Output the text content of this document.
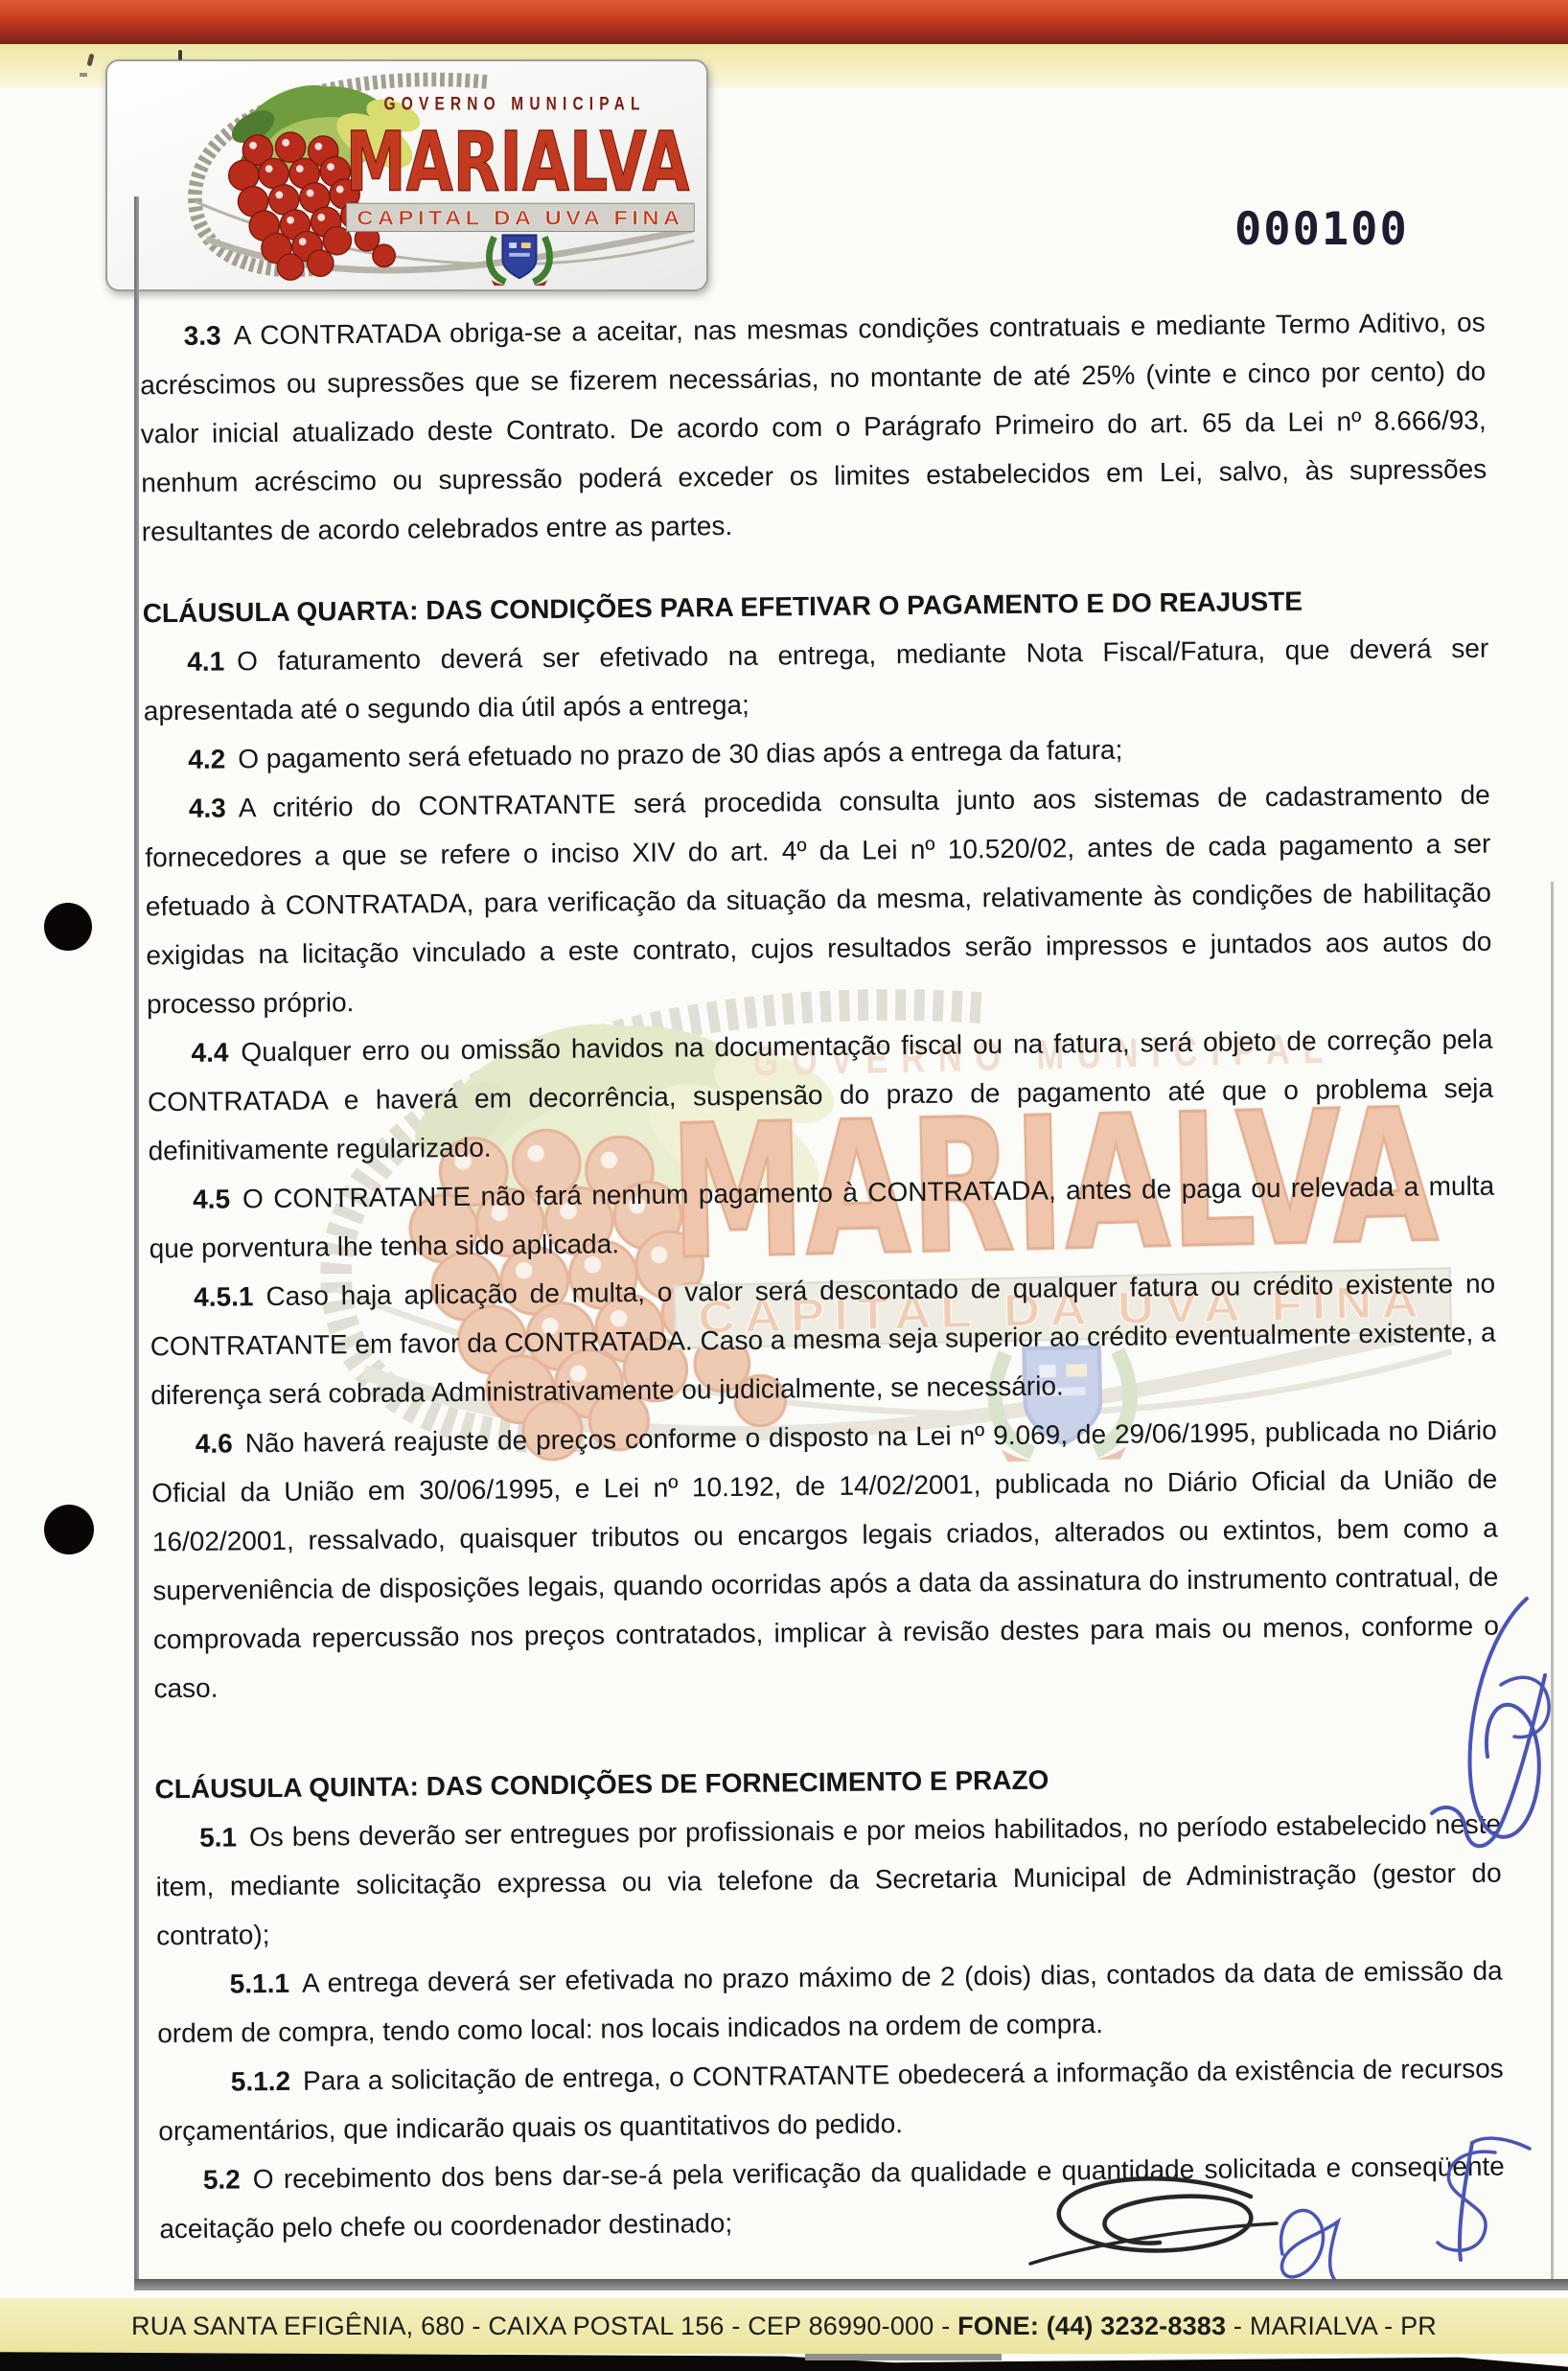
000100

3.3 A CONTRATADA obriga-se a aceitar, nas mesmas condições contratuais e mediante Termo Aditivo, os acréscimos ou supressões que se fizerem necessárias, no montante de até 25% (vinte e cinco por cento) do valor inicial atualizado deste Contrato. De acordo com o Parágrafo Primeiro do art. 65 da Lei nº 8.666/93, nenhum acréscimo ou supressão poderá exceder os limites estabelecidos em Lei, salvo, às supressões resultantes de acordo celebrados entre as partes.

CLÁUSULA QUARTA: DAS CONDIÇÕES PARA EFETIVAR O PAGAMENTO E DO REAJUSTE

4.1 O faturamento deverá ser efetivado na entrega, mediante Nota Fiscal/Fatura, que deverá ser apresentada até o segundo dia útil após a entrega;

4.2 O pagamento será efetuado no prazo de 30 dias após a entrega da fatura;

4.3 A critério do CONTRATANTE será procedida consulta junto aos sistemas de cadastramento de fornecedores a que se refere o inciso XIV do art. 4º da Lei nº 10.520/02, antes de cada pagamento a ser efetuado à CONTRATADA, para verificação da situação da mesma, relativamente às condições de habilitação exigidas na licitação vinculado a este contrato, cujos resultados serão impressos e juntados aos autos do processo próprio.

4.4 Qualquer erro ou omissão havidos na documentação fiscal ou na fatura, será objeto de correção pela CONTRATADA e haverá em decorrência, suspensão do prazo de pagamento até que o problema seja definitivamente regularizado.

4.5 O CONTRATANTE não fará nenhum pagamento à CONTRATADA, antes de paga ou relevada a multa que porventura lhe tenha sido aplicada.

4.5.1 Caso haja aplicação de multa, o valor será descontado de qualquer fatura ou crédito existente no CONTRATANTE em favor da CONTRATADA. Caso a mesma seja superior ao crédito eventualmente existente, a diferença será cobrada Administrativamente ou judicialmente, se necessário.

4.6 Não haverá reajuste de preços conforme o disposto na Lei nº 9.069, de 29/06/1995, publicada no Diário Oficial da União em 30/06/1995, e Lei nº 10.192, de 14/02/2001, publicada no Diário Oficial da União de 16/02/2001, ressalvado, quaisquer tributos ou encargos legais criados, alterados ou extintos, bem como a superveniência de disposições legais, quando ocorridas após a data da assinatura do instrumento contratual, de comprovada repercussão nos preços contratados, implicar à revisão destes para mais ou menos, conforme o caso.

CLÁUSULA QUINTA: DAS CONDIÇÕES DE FORNECIMENTO E PRAZO

5.1 Os bens deverão ser entregues por profissionais e por meios habilitados, no período estabelecido neste item, mediante solicitação expressa ou via telefone da Secretaria Municipal de Administração (gestor do contrato);

5.1.1 A entrega deverá ser efetivada no prazo máximo de 2 (dois) dias, contados da data de emissão da ordem de compra, tendo como local: nos locais indicados na ordem de compra.

5.1.2 Para a solicitação de entrega, o CONTRATANTE obedecerá a informação da existência de recursos orçamentários, que indicarão quais os quantitativos do pedido.

5.2 O recebimento dos bens dar-se-á pela verificação da qualidade e quantidade solicitada e conseqüente aceitação pelo chefe ou coordenador destinado;

RUA SANTA EFIGÊNIA, 680 - CAIXA POSTAL 156 - CEP 86990-000 - FONE: (44) 3232-8383 - MARIALVA - PR
